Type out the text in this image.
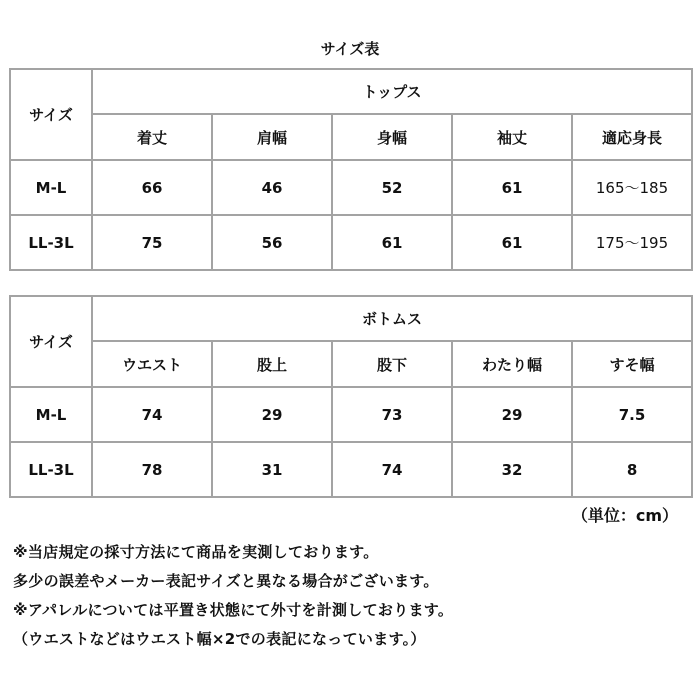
サイズ表
サイズ	トップス				
	着丈	肩幅	身幅	袖丈	適応身長
M-L	66	46	52	61	165〜185
LL-3L	75	56	61	61	175〜195
サイズ	ボトムス				
	ウエスト	股上	股下	わたり幅	すそ幅
M-L	74	29	73	29	7.5
LL-3L	78	31	74	32	8
（単位：cm）
※当店規定の採寸方法にて商品を実測しております。
多少の誤差やメーカー表記サイズと異なる場合がございます。
※アパレルについては平置き状態にて外寸を計測しております。
（ウエストなどはウエスト幅×2での表記になっています。）
